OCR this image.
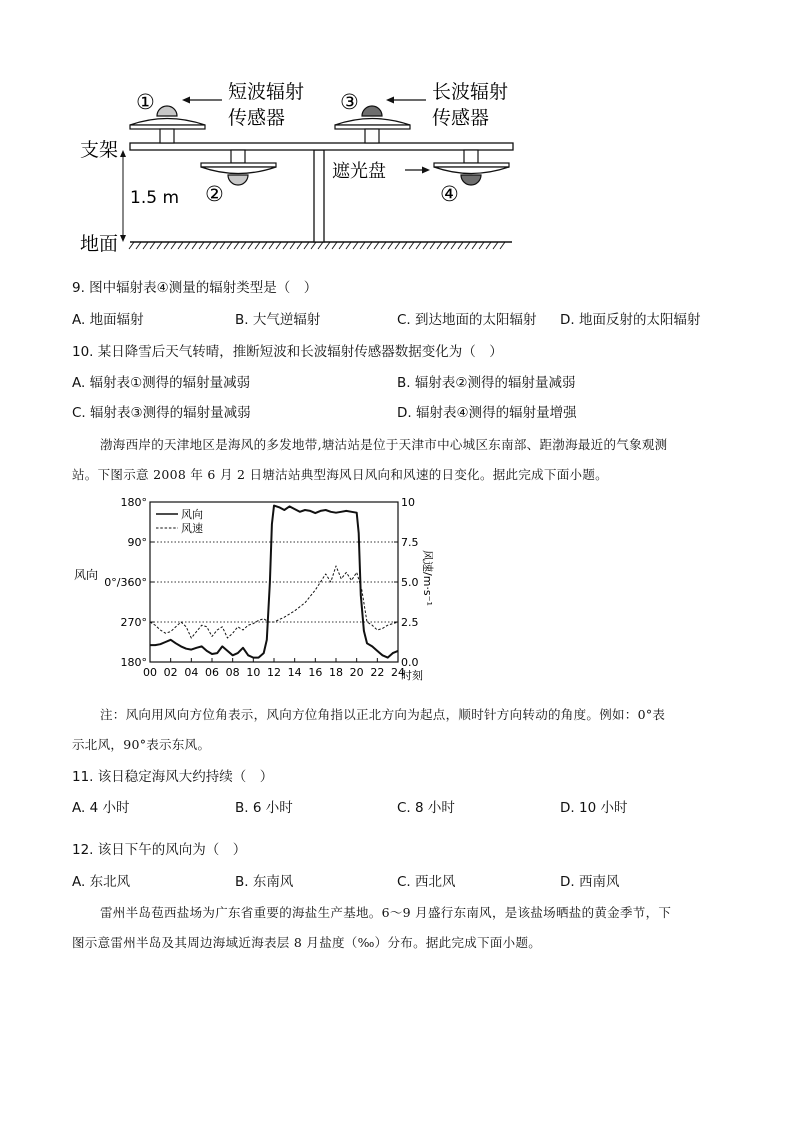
支架
地面
1.5 m
①
②
③
④
短波辐射
传感器
长波辐射
传感器
遮光盘
9. 图中辐射表④测量的辐射类型是（　）
A. 地面辐射	B. 大气逆辐射	C. 到达地面的太阳辐射 D. 地面反射的太阳辐射
10. 某日降雪后天气转晴，推断短波和长波辐射传感器数据变化为（　）
A. 辐射表①测得的辐射量减弱	B. 辐射表②测得的辐射量减弱
C. 辐射表③测得的辐射量减弱	D. 辐射表④测得的辐射量增强
渤海西岸的天津地区是海风的多发地带,塘沽站是位于天津市中心城区东南部、距渤海最近的气象观测
站。下图示意 2008 年 6 月 2 日塘沽站典型海风日风向和风速的日变化。据此完成下面小题。
00 02 04 06 08 10 12 14 16 18 20 22 24
180°
90°
0°/360°
270°
180°
10
7.5
5.0
2.5
0.0
风向
风速
风向	风速/m·s⁻¹
时刻
注：风向用风向方位角表示，风向方位角指以正北方向为起点，顺时针方向转动的角度。例如：0°表
示北风，90°表示东风。
11. 该日稳定海风大约持续（　）
A. 4 小时	B. 6 小时	C. 8 小时	D. 10 小时
12. 该日下午的风向为（　）
A. 东北风	B. 东南风	C. 西北风	D. 西南风
雷州半岛苞西盐场为广东省重要的海盐生产基地。6～9 月盛行东南风，是该盐场晒盐的黄金季节，下
图示意雷州半岛及其周边海域近海表层 8 月盐度（‰）分布。据此完成下面小题。
